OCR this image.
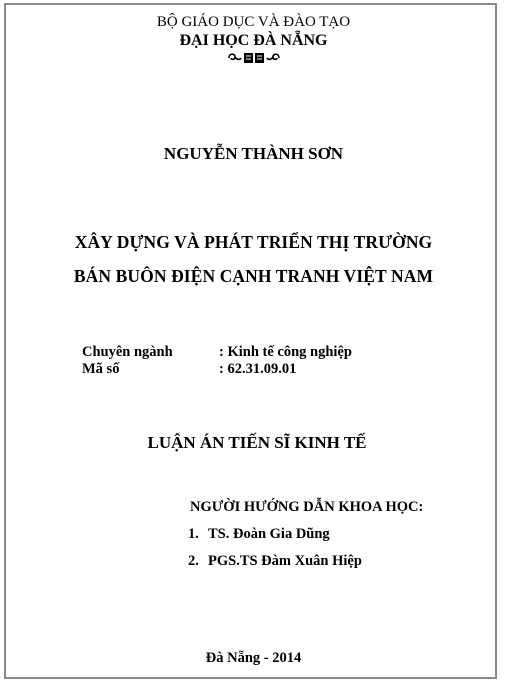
BỘ GIÁO DỤC VÀ ĐÀO TẠO
ĐẠI HỌC ĐÀ NẴNG
NGUYỄN THÀNH SƠN
XÂY DỰNG VÀ PHÁT TRIỂN THỊ TRƯỜNG
BÁN BUÔN ĐIỆN CẠNH TRANH VIỆT NAM
Chuyên ngành	: Kinh tế công nghiệp
Mã số	: 62.31.09.01
LUẬN ÁN TIẾN SĨ KINH TẾ
NGƯỜI HƯỚNG DẪN KHOA HỌC:
1. TS. Đoàn Gia Dũng
2. PGS.TS Đàm Xuân Hiệp
Đà Nẵng - 2014
